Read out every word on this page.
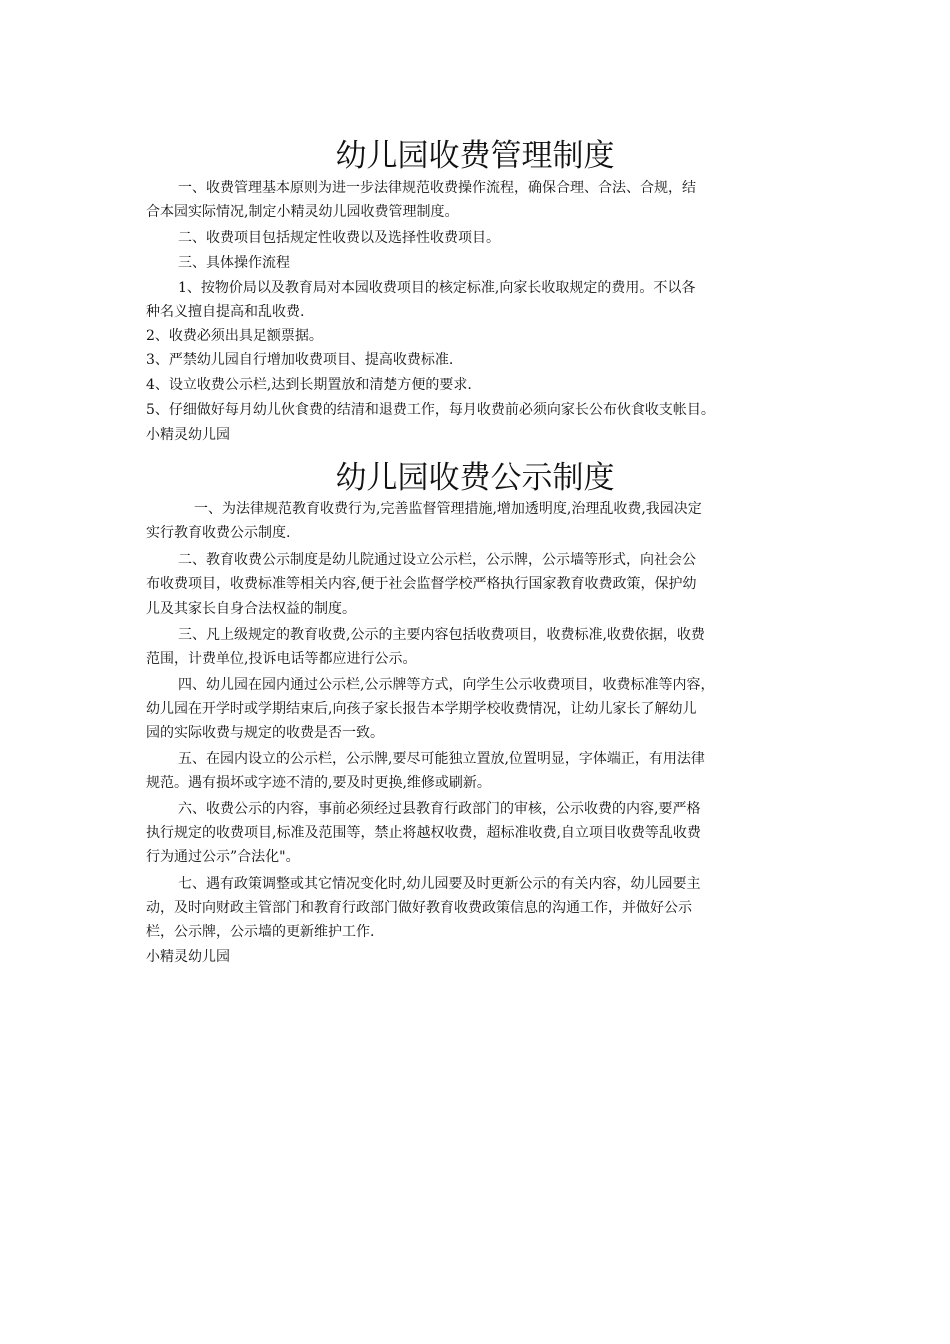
幼儿园收费管理制度
一、收费管理基本原则为进一步法律规范收费操作流程，确保合理、合法、合规，结
合本园实际情况,制定小精灵幼儿园收费管理制度。
二、收费项目包括规定性收费以及选择性收费项目。
三、具体操作流程
1、按物价局以及教育局对本园收费项目的核定标准,向家长收取规定的费用。不以各
种名义擅自提高和乱收费.
2、收费必须出具足额票据。
3、严禁幼儿园自行增加收费项目、提高收费标准.
4、设立收费公示栏,达到长期置放和清楚方便的要求.
5、仔细做好每月幼儿伙食费的结清和退费工作，每月收费前必须向家长公布伙食收支帐目。
小精灵幼儿园
幼儿园收费公示制度
一、为法律规范教育收费行为,完善监督管理措施,增加透明度,治理乱收费,我园决定
实行教育收费公示制度.
二、教育收费公示制度是幼儿院通过设立公示栏，公示牌，公示墙等形式，向社会公
布收费项目，收费标准等相关内容,便于社会监督学校严格执行国家教育收费政策，保护幼
儿及其家长自身合法权益的制度。
三、凡上级规定的教育收费,公示的主要内容包括收费项目，收费标准,收费依据，收费
范围，计费单位,投诉电话等都应进行公示。
四、幼儿园在园内通过公示栏,公示牌等方式，向学生公示收费项目，收费标准等内容，
幼儿园在开学时或学期结束后,向孩子家长报告本学期学校收费情况，让幼儿家长了解幼儿
园的实际收费与规定的收费是否一致。
五、在园内设立的公示栏，公示牌,要尽可能独立置放,位置明显，字体端正，有用法律
规范。遇有损坏或字迹不清的,要及时更换,维修或刷新。
六、收费公示的内容，事前必须经过县教育行政部门的审核，公示收费的内容,要严格
执行规定的收费项目,标准及范围等，禁止将越权收费，超标准收费,自立项目收费等乱收费
行为通过公示”合法化"。
七、遇有政策调整或其它情况变化时,幼儿园要及时更新公示的有关内容，幼儿园要主
动，及时向财政主管部门和教育行政部门做好教育收费政策信息的沟通工作，并做好公示
栏，公示牌，公示墙的更新维护工作.
小精灵幼儿园
